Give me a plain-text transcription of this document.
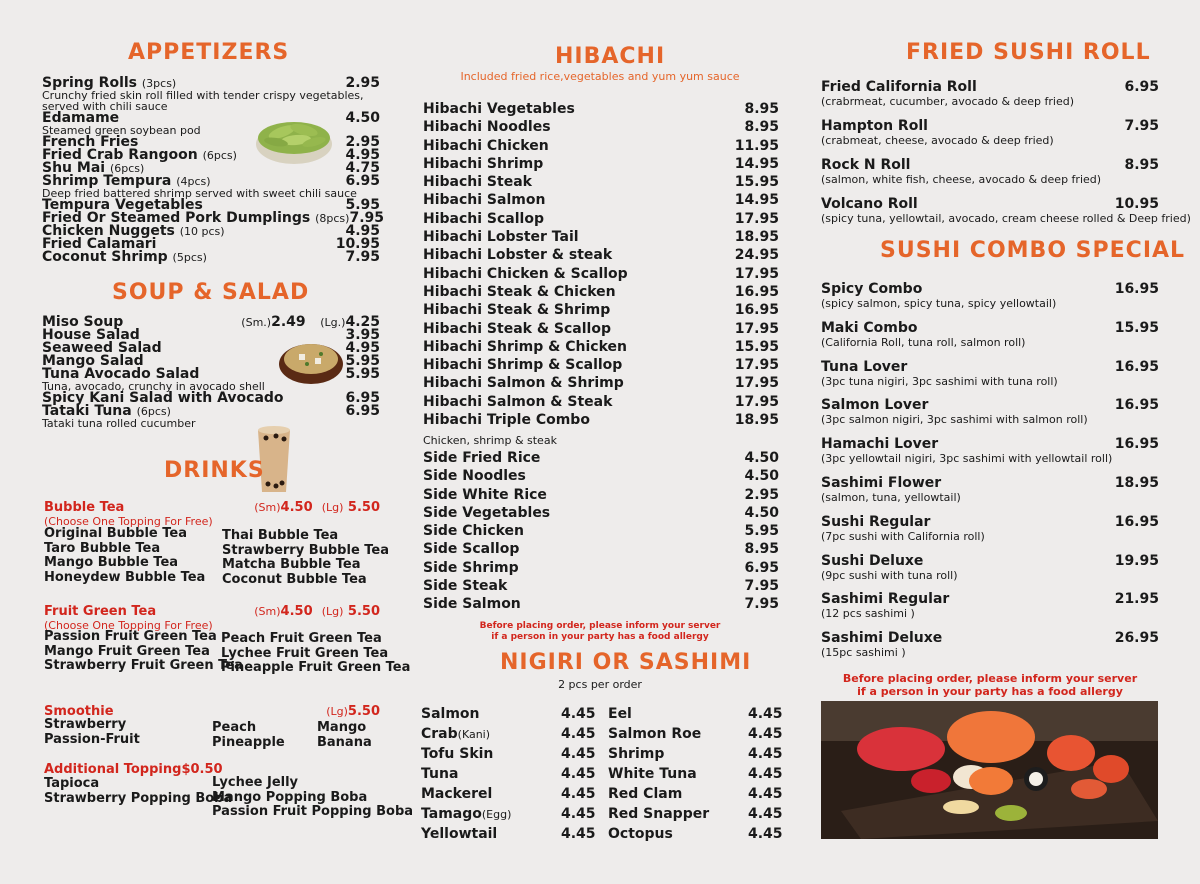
APPETIZERS
Spring Rolls (3pcs)	2.95
Crunchy fried skin roll filled with tender crispy vegetables,
served with chili sauce
Edamame	4.50
Steamed green soybean pod
French Fries	2.95
Fried Crab Rangoon (6pcs)	4.95
Shu Mai (6pcs)	4.75
Shrimp Tempura (4pcs)	6.95
Deep fried battered shrimp served with sweet chili sauce
Tempura Vegetables	5.95
Fried Or Steamed Pork Dumplings (8pcs) 7.95
Chicken Nuggets (10 pcs)	4.95
Fried Calamari	10.95
Coconut Shrimp (5pcs)	7.95
SOUP & SALAD
Miso Soup	(Sm.)2.49 (Lg.)4.25
House Salad	3.95
Seaweed Salad	4.95
Mango Salad	5.95
Tuna Avocado Salad	5.95
Tuna, avocado, crunchy in avocado shell
Spicy Kani Salad with Avocado	6.95
Tataki Tuna (6pcs)	6.95
Tataki tuna rolled cucumber
DRINKS
Bubble Tea	(Sm)4.50 (Lg) 5.50
(Choose One Topping For Free)
Original Bubble Tea
Taro Bubble Tea
Mango Bubble Tea
Honeydew Bubble Tea
Thai Bubble Tea
Strawberry Bubble Tea
Matcha Bubble Tea
Coconut Bubble Tea
Fruit Green Tea	(Sm)4.50 (Lg) 5.50
(Choose One Topping For Free)
Passion Fruit Green Tea
Mango Fruit Green Tea
Strawberry Fruit Green Tea
Peach Fruit Green Tea
Lychee Fruit Green Tea
Pineapple Fruit Green Tea
Smoothie	(Lg)5.50
Strawberry
Passion-Fruit
Peach
Pineapple
Mango
Banana
Additional Topping$0.50
Tapioca
Strawberry Popping Boba
Lychee Jelly
Mango Popping Boba
Passion Fruit Popping Boba
HIBACHI
Included fried rice,vegetables and yum yum sauce
Hibachi Vegetables	8.95
Hibachi Noodles	8.95
Hibachi Chicken	11.95
Hibachi Shrimp	14.95
Hibachi Steak	15.95
Hibachi Salmon	14.95
Hibachi Scallop	17.95
Hibachi Lobster Tail	18.95
Hibachi Lobster & steak	24.95
Hibachi Chicken & Scallop	17.95
Hibachi Steak & Chicken	16.95
Hibachi Steak & Shrimp	16.95
Hibachi Steak & Scallop	17.95
Hibachi Shrimp & Chicken	15.95
Hibachi Shrimp & Scallop	17.95
Hibachi Salmon & Shrimp	17.95
Hibachi Salmon & Steak	17.95
Hibachi Triple Combo	18.95
Chicken, shrimp & steak
Side Fried Rice	4.50
Side Noodles	4.50
Side White Rice	2.95
Side Vegetables	4.50
Side Chicken	5.95
Side Scallop	8.95
Side Shrimp	6.95
Side Steak	7.95
Side Salmon	7.95
Before placing order, please inform your server
if a person in your party has a food allergy
NIGIRI OR SASHIMI
2 pcs per order
Salmon	4.45
Crab(Kani)	4.45
Tofu Skin	4.45
Tuna	4.45
Mackerel	4.45
Tamago(Egg)	4.45
Yellowtail	4.45
Eel	4.45
Salmon Roe	4.45
Shrimp	4.45
White Tuna	4.45
Red Clam	4.45
Red Snapper	4.45
Octopus	4.45
FRIED SUSHI ROLL
Fried California Roll	6.95
(crabrmeat, cucumber, avocado & deep fried)
Hampton Roll	7.95
(crabmeat, cheese, avocado & deep fried)
Rock N Roll	8.95
(salmon, white fish, cheese, avocado & deep fried)
Volcano Roll	10.95
(spicy tuna, yellowtail, avocado, cream cheese rolled & Deep fried)
SUSHI COMBO SPECIAL
Spicy Combo	16.95
(spicy salmon, spicy tuna, spicy yellowtail)
Maki Combo	15.95
(California Roll, tuna roll, salmon roll)
Tuna Lover	16.95
(3pc tuna nigiri, 3pc sashimi with tuna roll)
Salmon Lover	16.95
(3pc salmon nigiri, 3pc sashimi with salmon roll)
Hamachi Lover	16.95
(3pc yellowtail nigiri, 3pc sashimi with yellowtail roll)
Sashimi Flower	18.95
(salmon, tuna, yellowtail)
Sushi Regular	16.95
(7pc sushi with California roll)
Sushi Deluxe	19.95
(9pc sushi with tuna roll)
Sashimi Regular	21.95
(12 pcs sashimi )
Sashimi Deluxe	26.95
(15pc sashimi )
Before placing order, please inform your server
if a person in your party has a food allergy
